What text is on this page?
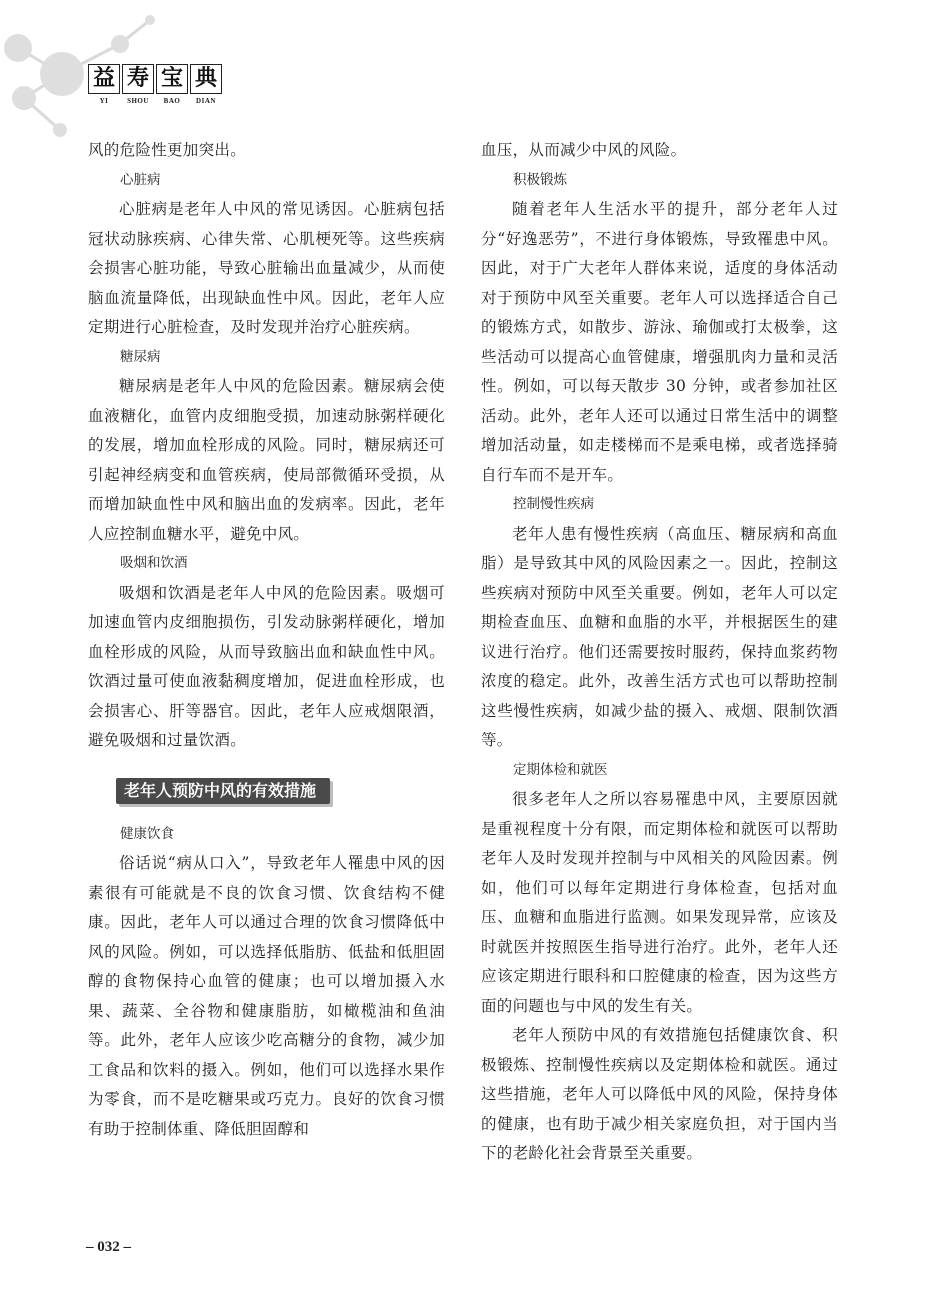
益 寿 宝 典
YI	SHOU	BAO	DIAN

风的危险性更加突出。

心脏病

心脏病是老年人中风的常见诱因。心脏病包括冠状动脉疾病、心律失常、心肌梗死等。这些疾病会损害心脏功能，导致心脏输出血量减少，从而使脑血流量降低，出现缺血性中风。因此，老年人应定期进行心脏检查，及时发现并治疗心脏疾病。

糖尿病

糖尿病是老年人中风的危险因素。糖尿病会使血液糖化，血管内皮细胞受损，加速动脉粥样硬化的发展，增加血栓形成的风险。同时，糖尿病还可引起神经病变和血管疾病，使局部微循环受损，从而增加缺血性中风和脑出血的发病率。因此，老年人应控制血糖水平，避免中风。

吸烟和饮酒

吸烟和饮酒是老年人中风的危险因素。吸烟可加速血管内皮细胞损伤，引发动脉粥样硬化，增加血栓形成的风险，从而导致脑出血和缺血性中风。饮酒过量可使血液黏稠度增加，促进血栓形成，也会损害心、肝等器官。因此，老年人应戒烟限酒，避免吸烟和过量饮酒。

老年人预防中风的有效措施

健康饮食

俗话说“病从口入”，导致老年人罹患中风的因素很有可能就是不良的饮食习惯、饮食结构不健康。因此，老年人可以通过合理的饮食习惯降低中风的风险。例如，可以选择低脂肪、低盐和低胆固醇的食物保持心血管的健康；也可以增加摄入水果、蔬菜、全谷物和健康脂肪，如橄榄油和鱼油等。此外，老年人应该少吃高糖分的食物，减少加工食品和饮料的摄入。例如，他们可以选择水果作为零食，而不是吃糖果或巧克力。良好的饮食习惯有助于控制体重、降低胆固醇和

血压，从而减少中风的风险。

积极锻炼

随着老年人生活水平的提升，部分老年人过分“好逸恶劳”，不进行身体锻炼，导致罹患中风。因此，对于广大老年人群体来说，适度的身体活动对于预防中风至关重要。老年人可以选择适合自己的锻炼方式，如散步、游泳、瑜伽或打太极拳，这些活动可以提高心血管健康，增强肌肉力量和灵活性。例如，可以每天散步 30 分钟，或者参加社区活动。此外，老年人还可以通过日常生活中的调整增加活动量，如走楼梯而不是乘电梯，或者选择骑自行车而不是开车。

控制慢性疾病

老年人患有慢性疾病（高血压、糖尿病和高血脂）是导致其中风的风险因素之一。因此，控制这些疾病对预防中风至关重要。例如，老年人可以定期检查血压、血糖和血脂的水平，并根据医生的建议进行治疗。他们还需要按时服药，保持血浆药物浓度的稳定。此外，改善生活方式也可以帮助控制这些慢性疾病，如减少盐的摄入、戒烟、限制饮酒等。

定期体检和就医

很多老年人之所以容易罹患中风，主要原因就是重视程度十分有限，而定期体检和就医可以帮助老年人及时发现并控制与中风相关的风险因素。例如，他们可以每年定期进行身体检查，包括对血压、血糖和血脂进行监测。如果发现异常，应该及时就医并按照医生指导进行治疗。此外，老年人还应该定期进行眼科和口腔健康的检查，因为这些方面的问题也与中风的发生有关。

老年人预防中风的有效措施包括健康饮食、积极锻炼、控制慢性疾病以及定期体检和就医。通过这些措施，老年人可以降低中风的风险，保持身体的健康，也有助于减少相关家庭负担，对于国内当下的老龄化社会背景至关重要。

– 032 –
